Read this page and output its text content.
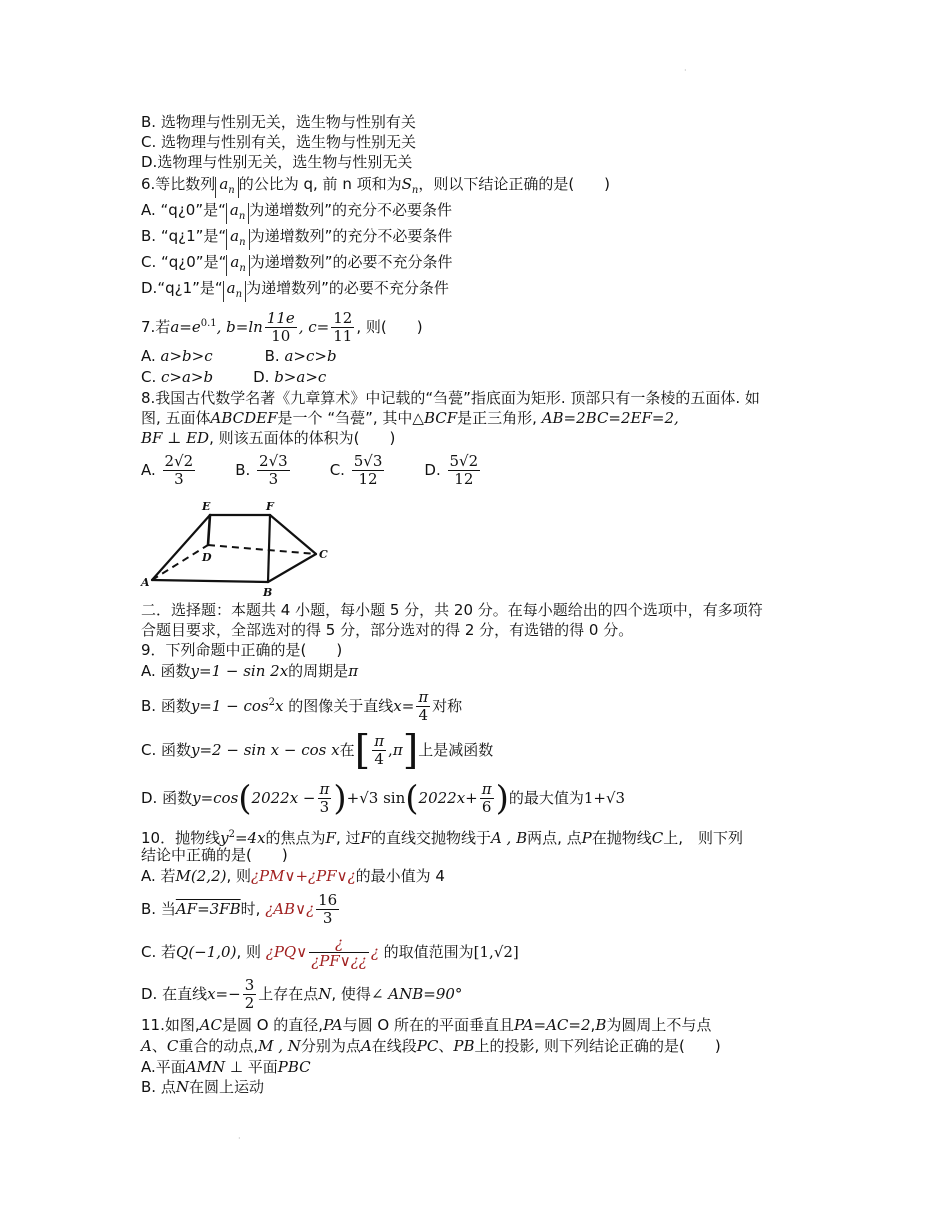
·
B. 选物理与性别无关，选生物与性别有关
C. 选物理与性别有关，选生物与性别无关
D.选物理与性别无关，选生物与性别无关
6.等比数列 $a_n$ 的公比为 q, 前 n 项和为$S_n$，则以下结论正确的是(　　)
A. “q¿0”是“ $a_n$ 为递增数列”的充分不必要条件
B. “q¿1”是“ $a_n$ 为递增数列”的充分不必要条件
C. “q¿0”是“ $a_n$ 为递增数列”的必要不充分条件
D.“q¿1”是“ $a_n$ 为递增数列”的必要不充分条件
7.若$a=e^{0.1}$, $b=\ln \frac{11e}{10}$ , $c= \frac{12}{11}$ , 则(　　)
A. a>b>c	B. a>c>b
C. c>a>b	D. b>a>c
8.我国古代数学名著《九章算术》中记载的“刍甍”指底面为矩形. 顶部只有一条棱的五面体. 如
图, 五面体ABCDEF是一个 “刍甍”, 其中△BCF是正三角形, AB=2BC=2EF=2,
BF ⊥ ED, 则该五面体的体积为(　　)
A. $\frac{2√2}{3}$	B. $\frac{2√3}{3}$	C. $\frac{5√3}{12}$	D. $\frac{5√2}{12}$
E	F
D	C
A
B
二．选择题：本题共 4 小题，每小题 5 分，共 20 分。在每小题给出的四个选项中，有多项符
合题目要求，全部选对的得 5 分，部分选对的得 2 分，有选错的得 0 分。
9．下列命题中正确的是(　　)
A. 函数y=1 − sin 2x的周期是π
B. 函数$y=1 - \cos^2x$ 的图像关于直线$x= \frac{\pi}{4}$ 对称
C. 函数y=2 − sin x − cos x在[ $\frac{\pi}{4} ,\pi$]上是减函数
D. 函数$y=\cos(2022x - \frac{\pi}{3} )+√3$ $\sin(2022x+ \frac{\pi}{6}$ )的最大值为1+√3
10．抛物线$y^2=4x$的焦点为F, 过F的直线交抛物线于A , B两点, 点P在抛物线C上,　则下列
结论中正确的是(　　)
A. 若M(2,2), 则¿PM∨+¿PF∨¿的最小值为 4
B. 当AF=3FB时, ¿AB∨¿ $\frac{16}{3}$
C. 若Q(−1,0), 则 ¿PQ∨ $\frac{¿}{¿PF\vee¿¿}$ ¿ 的取值范围为[1,√2]
D. 在直线$x=- \frac{3}{2}$ 上存在点N, 使得∠ ANB=90°
11.如图,AC是圆 O 的直径,PA与圆 O 所在的平面垂直且PA=AC=2,B为圆周上不与点
A、C重合的动点,M , N分别为点A在线段PC、PB上的投影, 则下列结论正确的是(　　)
A.平面AMN ⊥ 平面PBC
B. 点N在圆上运动
·
